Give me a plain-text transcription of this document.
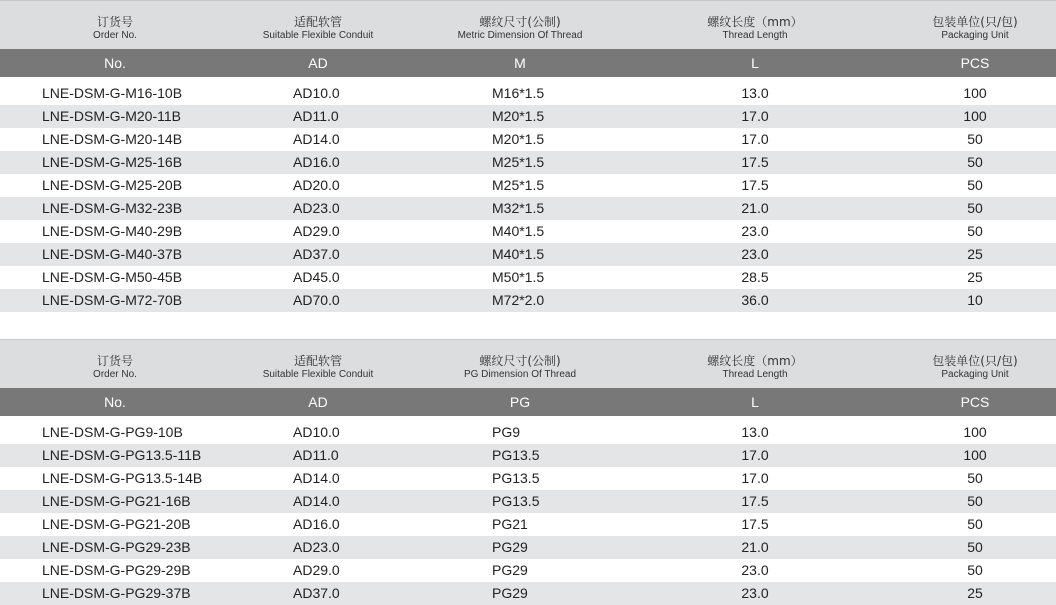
订货号
Order No.
适配软管
Suitable Flexible Conduit
螺纹尺寸(公制)
Metric Dimension Of Thread
螺纹长度（mm）
Thread Length
包装单位(只/包)
Packaging Unit
No.	AD	M	L	PCS
LNE-DSM-G-M16-10B	AD10.0	M16*1.5	13.0	100
LNE-DSM-G-M20-11B	AD11.0	M20*1.5	17.0	100
LNE-DSM-G-M20-14B	AD14.0	M20*1.5	17.0	50
LNE-DSM-G-M25-16B	AD16.0	M25*1.5	17.5	50
LNE-DSM-G-M25-20B	AD20.0	M25*1.5	17.5	50
LNE-DSM-G-M32-23B	AD23.0	M32*1.5	21.0	50
LNE-DSM-G-M40-29B	AD29.0	M40*1.5	23.0	50
LNE-DSM-G-M40-37B	AD37.0	M40*1.5	23.0	25
LNE-DSM-G-M50-45B	AD45.0	M50*1.5	28.5	25
LNE-DSM-G-M72-70B	AD70.0	M72*2.0	36.0	10
订货号
Order No.
适配软管
Suitable Flexible Conduit
螺纹尺寸(公制)
PG Dimension Of Thread
螺纹长度（mm）
Thread Length
包装单位(只/包)
Packaging Unit
No.	AD	PG	L	PCS
LNE-DSM-G-PG9-10B	AD10.0	PG9	13.0	100
LNE-DSM-G-PG13.5-11B	AD11.0	PG13.5	17.0	100
LNE-DSM-G-PG13.5-14B	AD14.0	PG13.5	17.0	50
LNE-DSM-G-PG21-16B	AD14.0	PG13.5	17.5	50
LNE-DSM-G-PG21-20B	AD16.0	PG21	17.5	50
LNE-DSM-G-PG29-23B	AD23.0	PG29	21.0	50
LNE-DSM-G-PG29-29B	AD29.0	PG29	23.0	50
LNE-DSM-G-PG29-37B	AD37.0	PG29	23.0	25
